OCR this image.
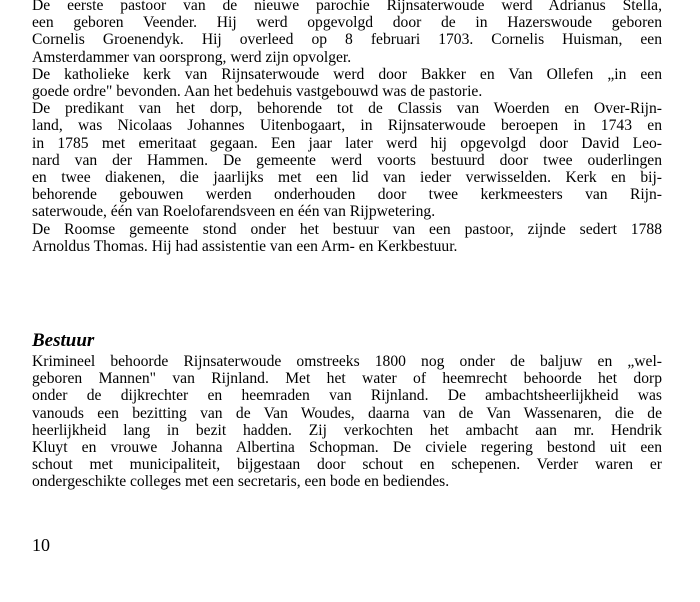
De eerste pastoor van de nieuwe parochie Rijnsaterwoude werd Adrianus Stella,
een geboren Veender. Hij werd opgevolgd door de in Hazerswoude geboren
Cornelis Groenendyk. Hij overleed op 8 februari 1703. Cornelis Huisman, een
Amsterdammer van oorsprong, werd zijn opvolger.
De katholieke kerk van Rijnsaterwoude werd door Bakker en Van Ollefen „in een
goede ordre" bevonden. Aan het bedehuis vastgebouwd was de pastorie.
De predikant van het dorp, behorende tot de Classis van Woerden en Over-Rijn-
land, was Nicolaas Johannes Uitenbogaart, in Rijnsaterwoude beroepen in 1743 en
in 1785 met emeritaat gegaan. Een jaar later werd hij opgevolgd door David Leo-
nard van der Hammen. De gemeente werd voorts bestuurd door twee ouderlingen
en twee diakenen, die jaarlijks met een lid van ieder verwisselden. Kerk en bij-
behorende gebouwen werden onderhouden door twee kerkmeesters van Rijn-
saterwoude, één van Roelofarendsveen en één van Rijpwetering.
De Roomse gemeente stond onder het bestuur van een pastoor, zijnde sedert 1788
Arnoldus Thomas. Hij had assistentie van een Arm- en Kerkbestuur.
Bestuur
Krimineel behoorde Rijnsaterwoude omstreeks 1800 nog onder de baljuw en „wel-
geboren Mannen" van Rijnland. Met het water of heemrecht behoorde het dorp
onder de dijkrechter en heemraden van Rijnland. De ambachtsheerlijkheid was
vanouds een bezitting van de Van Woudes, daarna van de Van Wassenaren, die de
heerlijkheid lang in bezit hadden. Zij verkochten het ambacht aan mr. Hendrik
Kluyt en vrouwe Johanna Albertina Schopman. De civiele regering bestond uit een
schout met municipaliteit, bijgestaan door schout en schepenen. Verder waren er
ondergeschikte colleges met een secretaris, een bode en bediendes.
10
